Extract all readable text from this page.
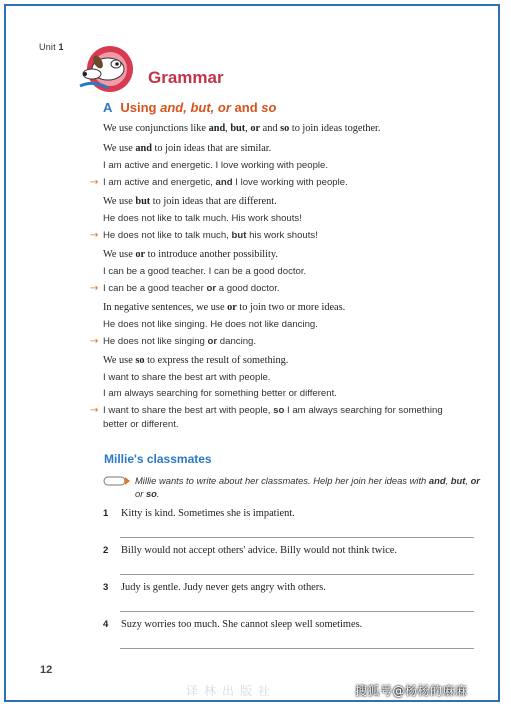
Unit 1
Grammar
A Using and, but, or and so
We use conjunctions like and, but, or and so to join ideas together.
We use and to join ideas that are similar.
I am active and energetic. I love working with people.
→ I am active and energetic, and I love working with people.
We use but to join ideas that are different.
He does not like to talk much. His work shouts!
→ He does not like to talk much, but his work shouts!
We use or to introduce another possibility.
I can be a good teacher. I can be a good doctor.
→ I can be a good teacher or a good doctor.
In negative sentences, we use or to join two or more ideas.
He does not like singing. He does not like dancing.
→ He does not like singing or dancing.
We use so to express the result of something.
I want to share the best art with people.
I am always searching for something better or different.
→ I want to share the best art with people, so I am always searching for something
better or different.
Millie's classmates
Millie wants to write about her classmates. Help her join her ideas with and, but, or or so.
1 Kitty is kind. Sometimes she is impatient.
2 Billy would not accept others' advice. Billy would not think twice.
3 Judy is gentle. Judy never gets angry with others.
4 Suzy worries too much. She cannot sleep well sometimes.
12
译林出版社	搜狐号@杨杨的麻麻
